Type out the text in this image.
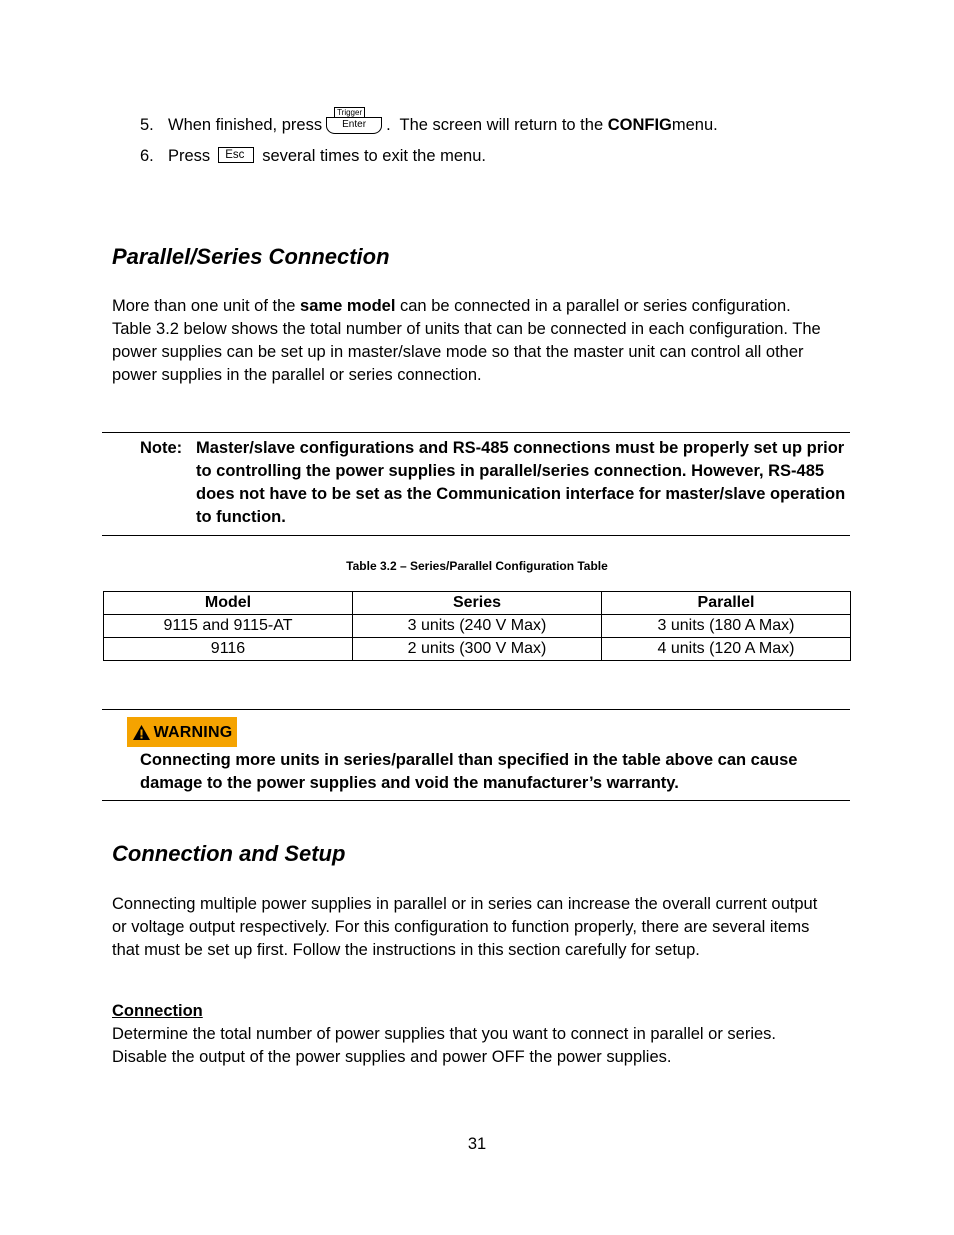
5. When finished, press
Trigger
Enter	.  The screen will return to the CONFIG menu.
6. Press	Esc	several times to exit the menu.
Parallel/Series Connection

More than one unit of the same model can be connected in a parallel or series configuration. Table 3.2 below shows the total number of units that can be connected in each configuration. The power supplies can be set up in master/slave mode so that the master unit can control all other power supplies in the parallel or series connection.

Note: Master/slave configurations and RS-485 connections must be properly set up prior to controlling the power supplies in parallel/series connection. However, RS-485 does not have to be set as the Communication interface for master/slave operation to function.
Table 3.2 – Series/Parallel Configuration Table
Model	Series	Parallel
9115 and 9115-AT	3 units (240 V Max)	3 units (180 A Max)
9116	2 units (300 V Max)	4 units (120 A Max)
WARNING

Connecting more units in series/parallel than specified in the table above can cause damage to the power supplies and void the manufacturer’s warranty.

Connection and Setup

Connecting multiple power supplies in parallel or in series can increase the overall current output or voltage output respectively. For this configuration to function properly, there are several items that must be set up first. Follow the instructions in this section carefully for setup.

Connection

Determine the total number of power supplies that you want to connect in parallel or series. Disable the output of the power supplies and power OFF the power supplies.

31
